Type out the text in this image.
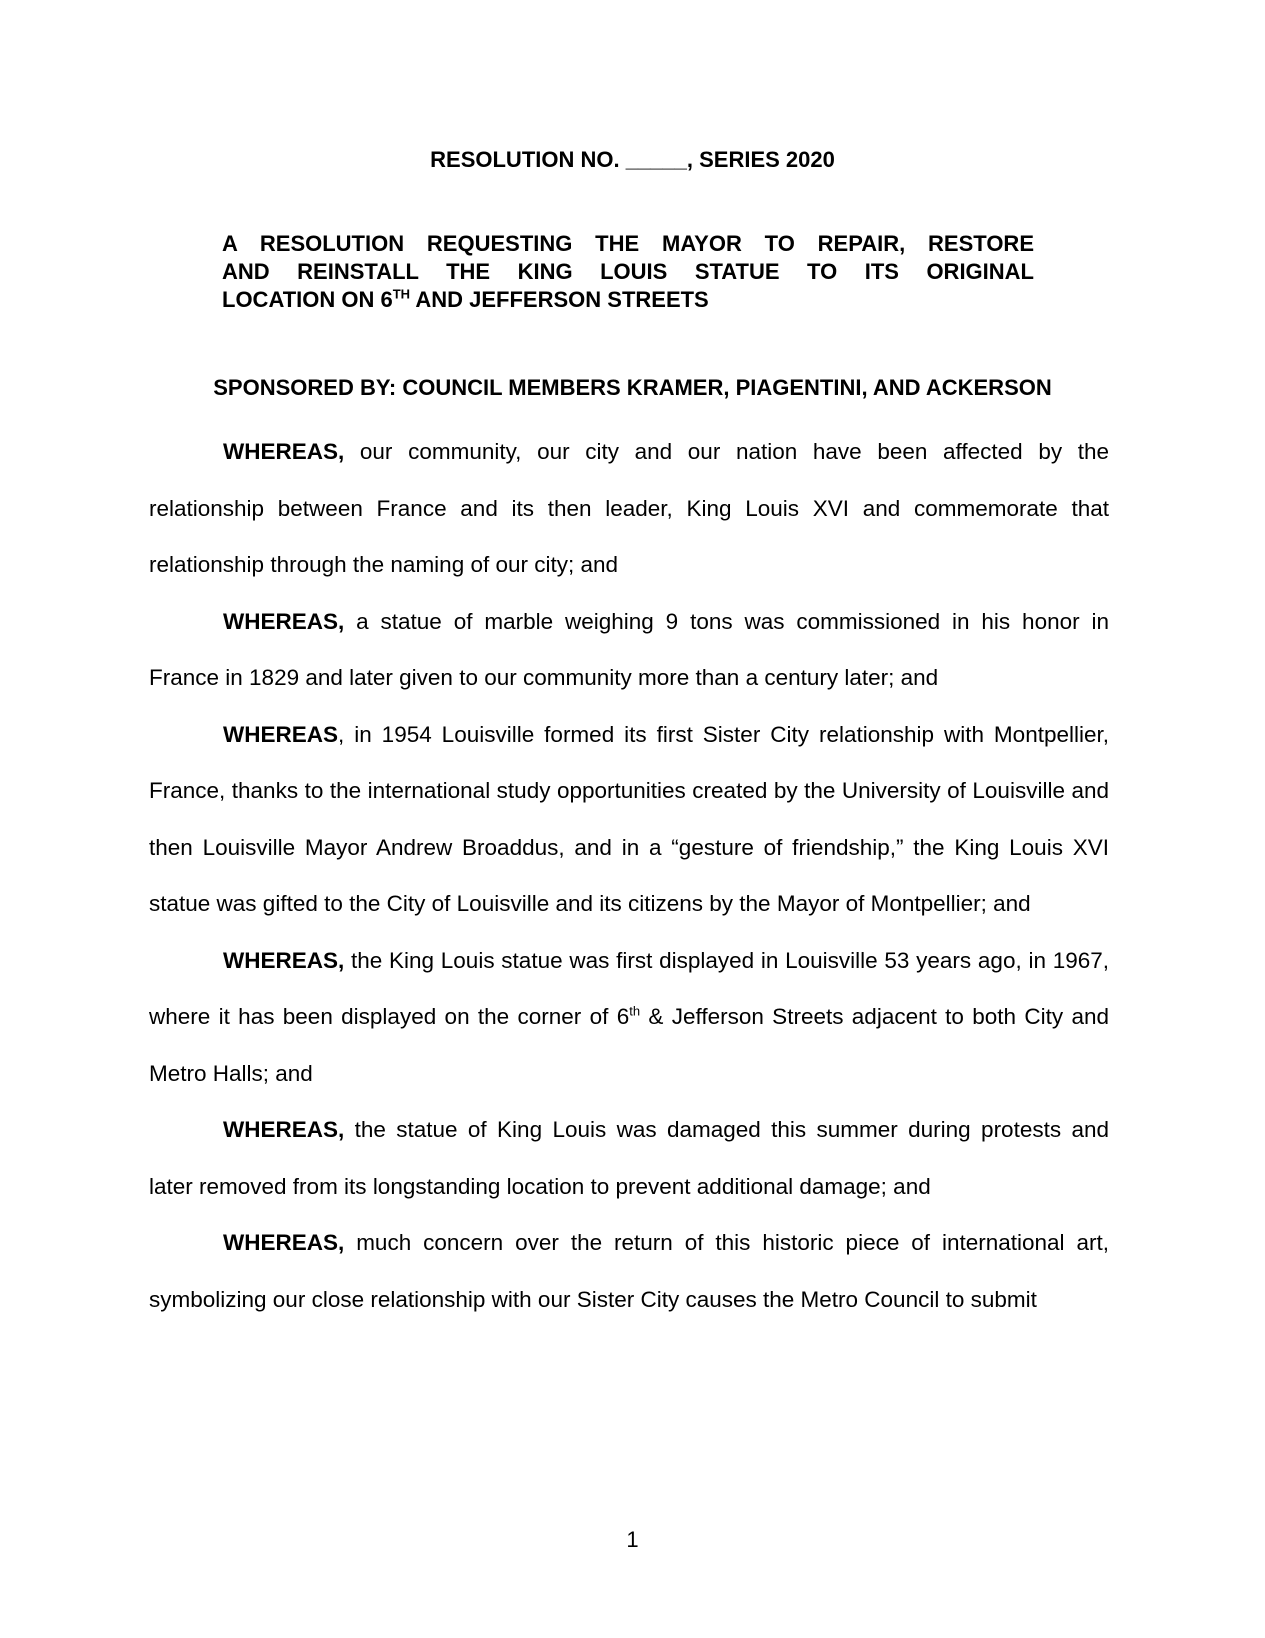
RESOLUTION NO. _____, SERIES 2020
A RESOLUTION REQUESTING THE MAYOR TO REPAIR, RESTORE
AND REINSTALL THE KING LOUIS STATUE TO ITS ORIGINAL
LOCATION ON 6TH AND JEFFERSON STREETS
SPONSORED BY: COUNCIL MEMBERS KRAMER, PIAGENTINI, AND ACKERSON

WHEREAS, our community, our city and our nation have been affected by the relationship between France and its then leader, King Louis XVI and commemorate that relationship through the naming of our city; and

WHEREAS, a statue of marble weighing 9 tons was commissioned in his honor in France in 1829 and later given to our community more than a century later; and

WHEREAS, in 1954 Louisville formed its first Sister City relationship with Montpellier, France, thanks to the international study opportunities created by the University of Louisville and then Louisville Mayor Andrew Broaddus, and in a “gesture of friendship,” the King Louis XVI statue was gifted to the City of Louisville and its citizens by the Mayor of Montpellier; and

WHEREAS, the King Louis statue was first displayed in Louisville 53 years ago, in 1967, where it has been displayed on the corner of 6th & Jefferson Streets adjacent to both City and Metro Halls; and

WHEREAS, the statue of King Louis was damaged this summer during protests and later removed from its longstanding location to prevent additional damage; and

WHEREAS, much concern over the return of this historic piece of international art, symbolizing our close relationship with our Sister City causes the Metro Council to submit

1
